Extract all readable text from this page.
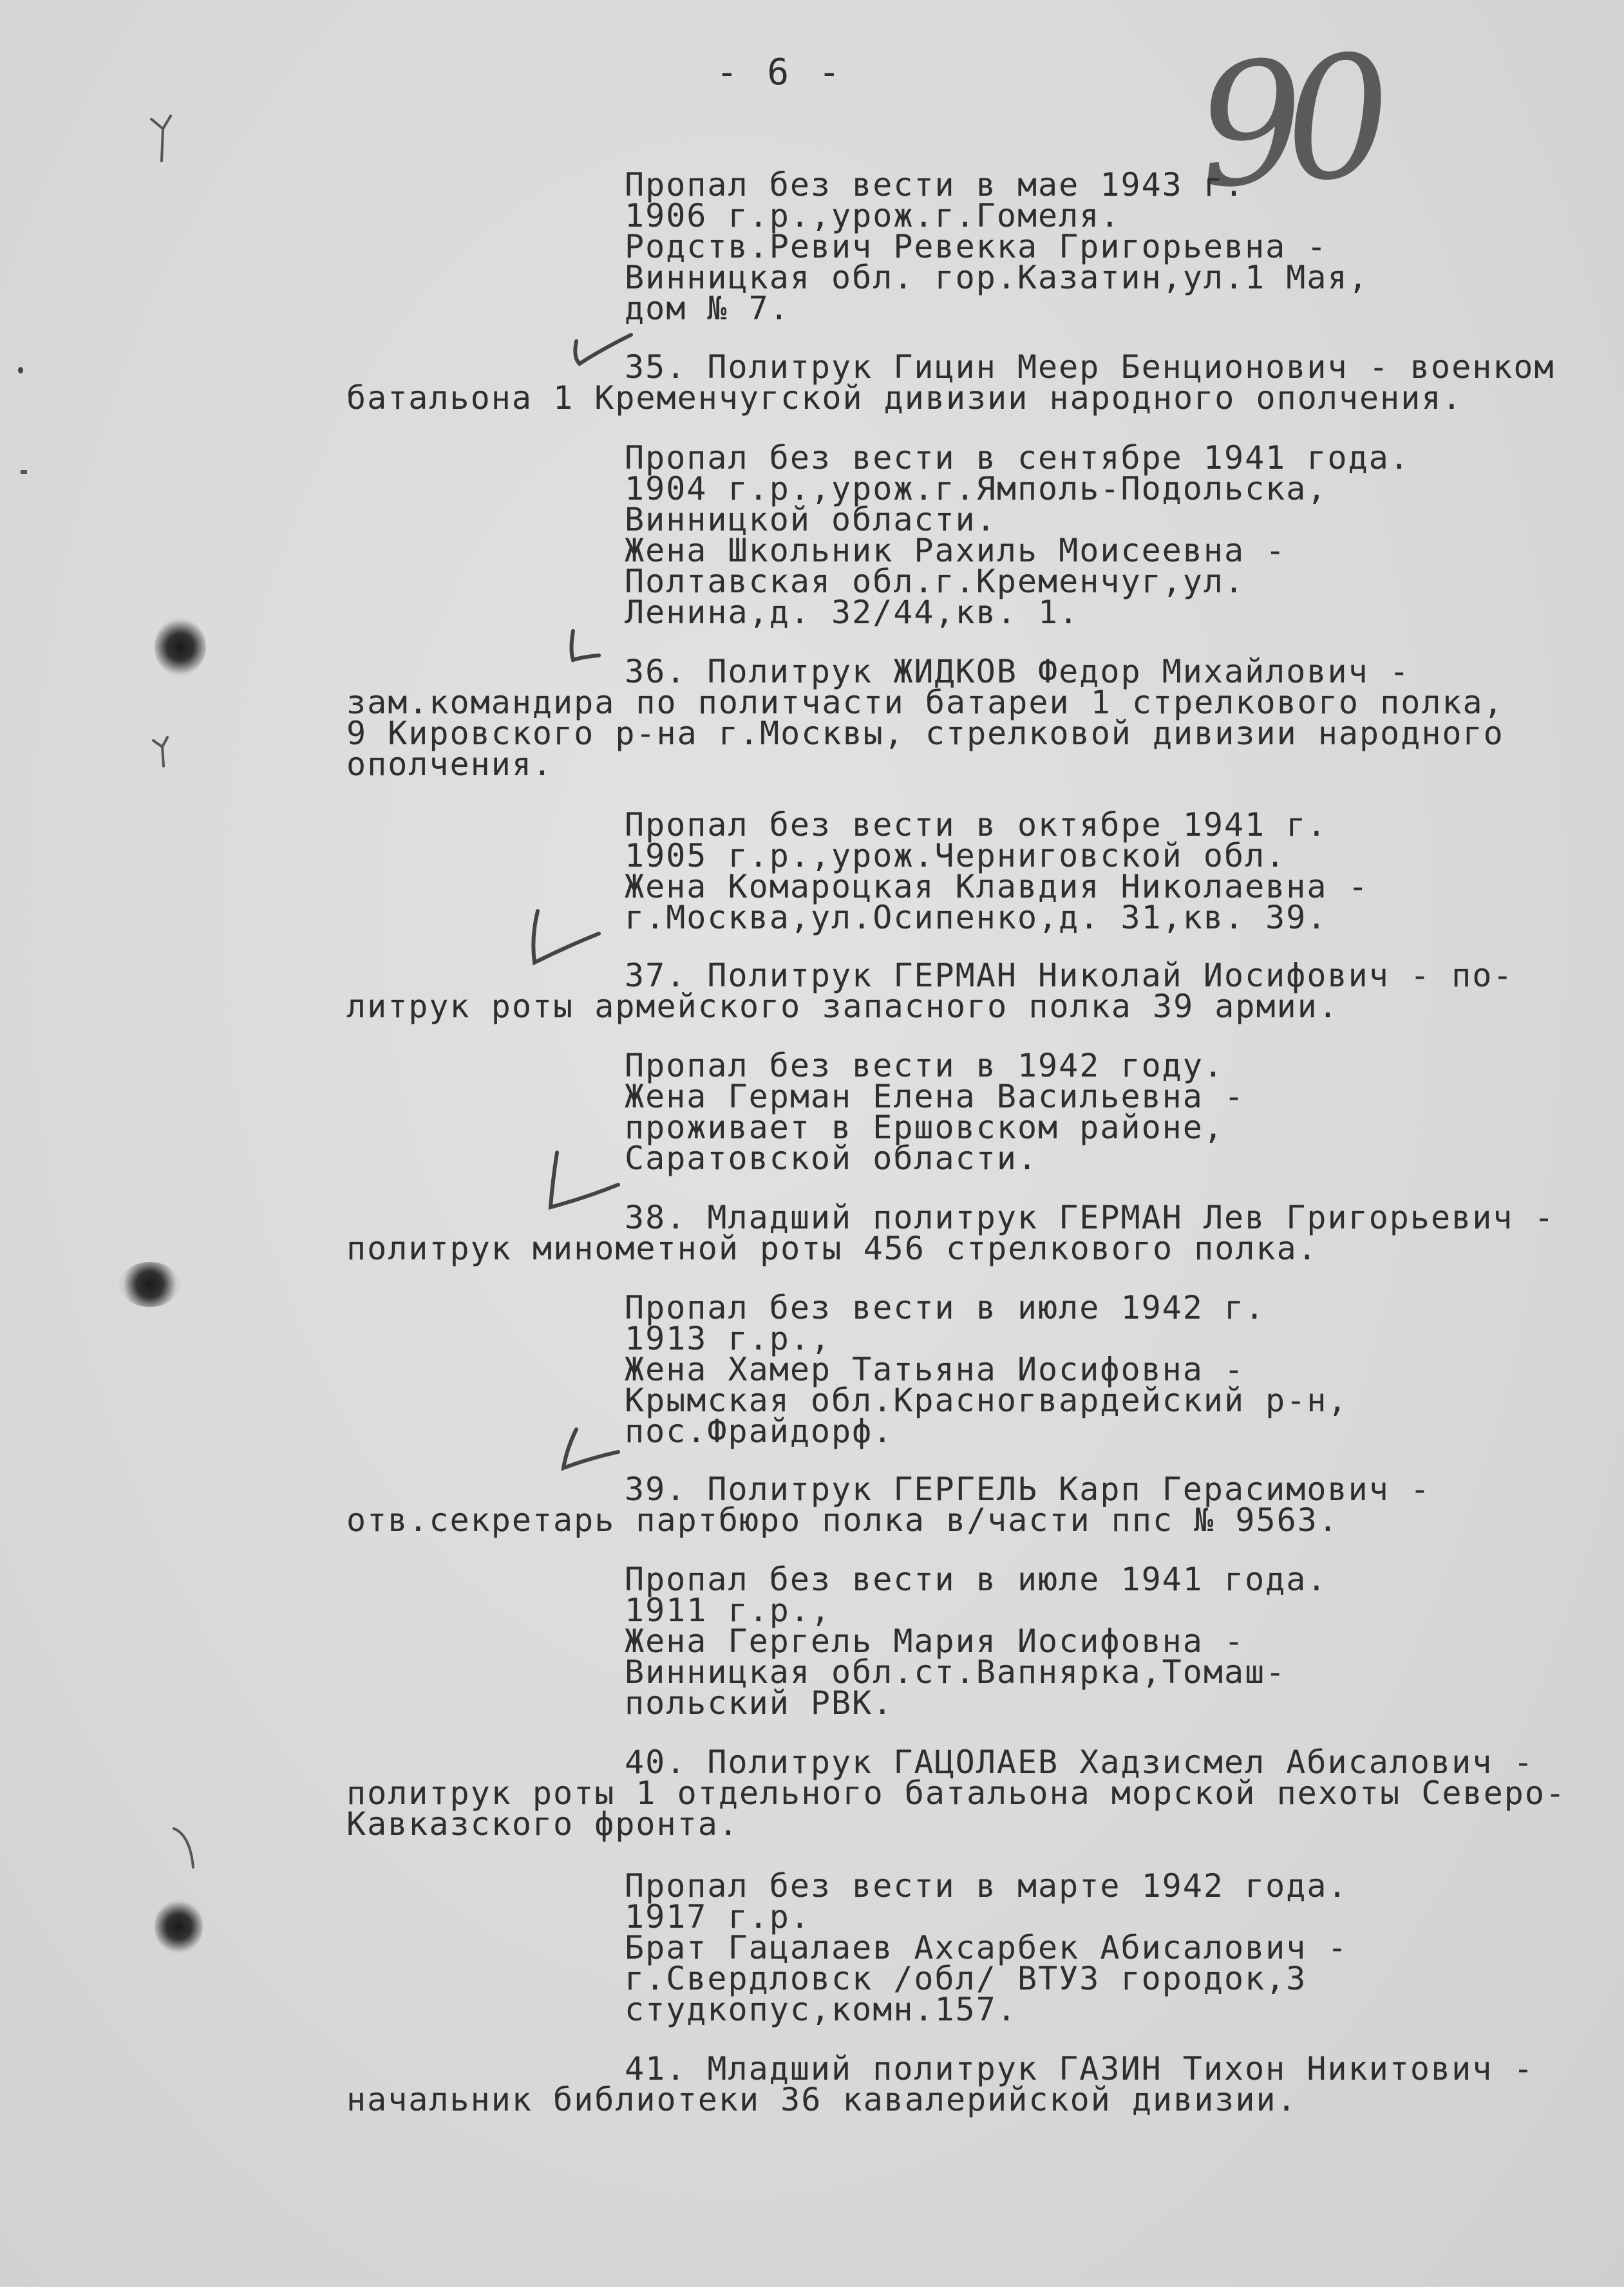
- 6 - 90
Пропал без вести в мае 1943 г.
1906 г.р.,урож.г.Гомеля.
Родств.Ревич Ревекка Григорьевна -
Винницкая обл. гор.Казатин,ул.1 Мая,
дом № 7.
35. Политрук Гицин Меер Бенционович - военком
батальона 1 Кременчугской дивизии народного ополчения.
Пропал без вести в сентябре 1941 года.
1904 г.р.,урож.г.Ямполь-Подольска,
Винницкой области.
Жена Школьник Рахиль Моисеевна -
Полтавская обл.г.Кременчуг,ул.
Ленина,д. 32/44,кв. 1.
36. Политрук ЖИДКОВ Федор Михайлович -
зам.командира по политчасти батареи 1 стрелкового полка,
9 Кировского р-на г.Москвы, стрелковой дивизии народного
ополчения.
Пропал без вести в октябре 1941 г.
1905 г.р.,урож.Черниговской обл.
Жена Комароцкая Клавдия Николаевна -
г.Москва,ул.Осипенко,д. 31,кв. 39.
37. Политрук ГЕРМАН Николай Иосифович - по-
литрук роты армейского запасного полка 39 армии.
Пропал без вести в 1942 году.
Жена Герман Елена Васильевна -
проживает в Ершовском районе,
Саратовской области.
38. Младший политрук ГЕРМАН Лев Григорьевич -
политрук минометной роты 456 стрелкового полка.
Пропал без вести в июле 1942 г.
1913 г.р.,
Жена Хамер Татьяна Иосифовна -
Крымская обл.Красногвардейский р-н,
пос.Фрайдорф.
39. Политрук ГЕРГЕЛЬ Карп Герасимович -
отв.секретарь партбюро полка в/части ппс № 9563.
Пропал без вести в июле 1941 года.
1911 г.р.,
Жена Гергель Мария Иосифовна -
Винницкая обл.ст.Вапнярка,Томаш-
польский РВК.
40. Политрук ГАЦОЛАЕВ Хадзисмел Абисалович -
политрук роты 1 отдельного батальона морской пехоты Северо-
Кавказского фронта.
Пропал без вести в марте 1942 года.
1917 г.р.
Брат Гацалаев Ахсарбек Абисалович -
г.Свердловск /обл/ ВТУЗ городок,3
студкопус,комн.157.
41. Младший политрук ГАЗИН Тихон Никитович -
начальник библиотеки 36 кавалерийской дивизии.
